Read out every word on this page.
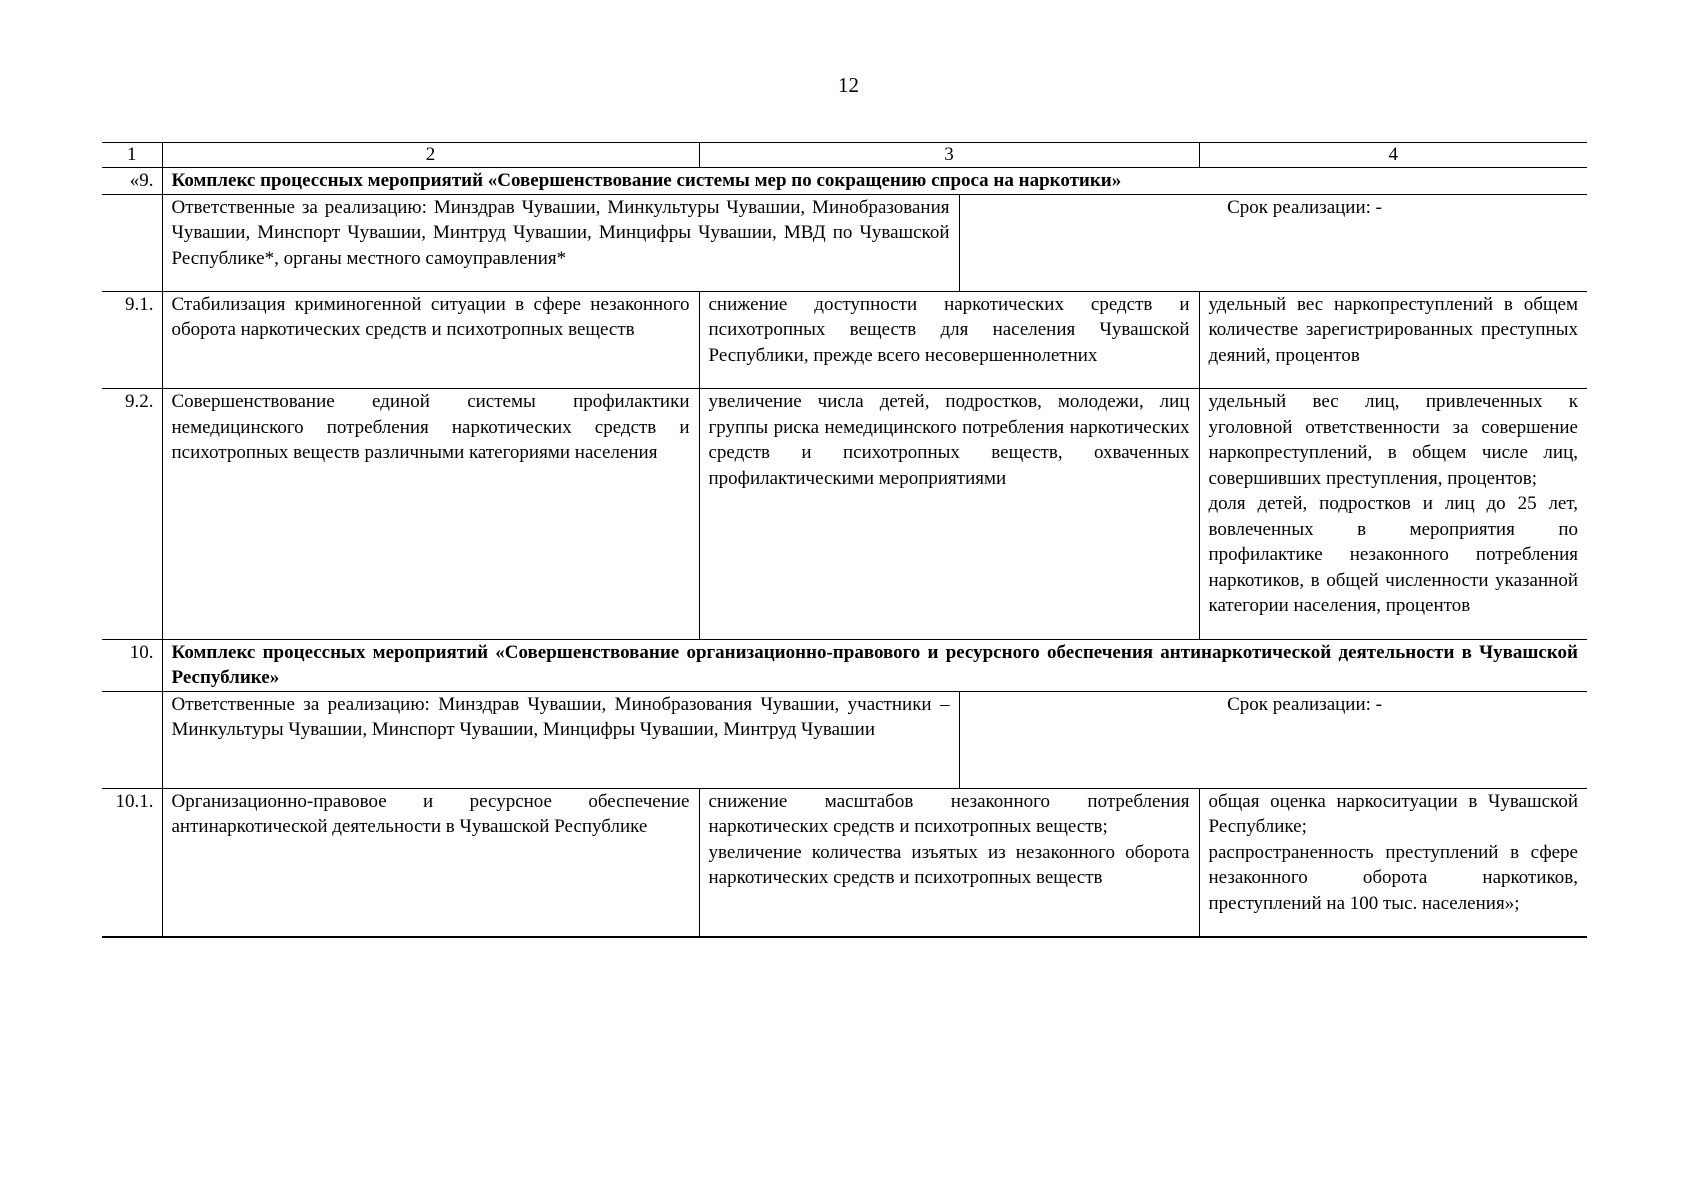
12
1	2	3	4
«9.	Комплекс процессных мероприятий «Совершенствование системы мер по сокращению спроса на наркотики»		

	Ответственные за реализацию: Минздрав Чувашии, Минкультуры Чувашии, Минобразования Чувашии, Минспорт Чувашии, Минтруд Чувашии, Минцифры Чувашии, МВД по Чувашской Республике*, органы местного самоуправления*
Срок реализации: -		

9.1.	Стабилизация криминогенной ситуации в сфере незаконного оборота наркотических средств и психотропных веществ	снижение доступности наркотических средств и психотропных веществ для населения Чувашской Республики, прежде всего несовершеннолетних	удельный вес наркопреступлений в общем количестве зарегистрированных преступных деяний, процентов
9.2.	Совершенствование единой системы профилактики немедицинского потребления наркотических средств и психотропных веществ различными категориями населения	увеличение числа детей, подростков, молодежи, лиц группы риска немедицинского потребления наркотических средств и психотропных веществ, охваченных профилактическими мероприятиями	удельный вес лиц, привлеченных к уголовной ответственности за совершение наркопреступлений, в общем числе лиц, совершивших преступления, процентов;
доля детей, подростков и лиц до 25 лет, вовлеченных в мероприятия по профилактике незаконного потребления наркотиков, в общей численности указанной категории населения, процентов
10.	Комплекс процессных мероприятий «Совершенствование организационно-правового и ресурсного обеспечения антинаркотической деятельности в Чувашской Республике»		

	Ответственные за реализацию: Минздрав Чувашии, Минобразования Чувашии, участники – Минкультуры Чувашии, Минспорт Чувашии, Минцифры Чувашии, Минтруд Чувашии
Срок реализации: -		

10.1.	Организационно-правовое и ресурсное обеспечение антинаркотической деятельности в Чувашской Республике	снижение масштабов незаконного потребления наркотических средств и психотропных веществ;
увеличение количества изъятых из незаконного оборота наркотических средств и психотропных веществ	общая оценка наркоситуации в Чувашской Республике;
распространенность преступлений в сфере незаконного оборота наркотиков, преступлений на 100 тыс. населения»;
